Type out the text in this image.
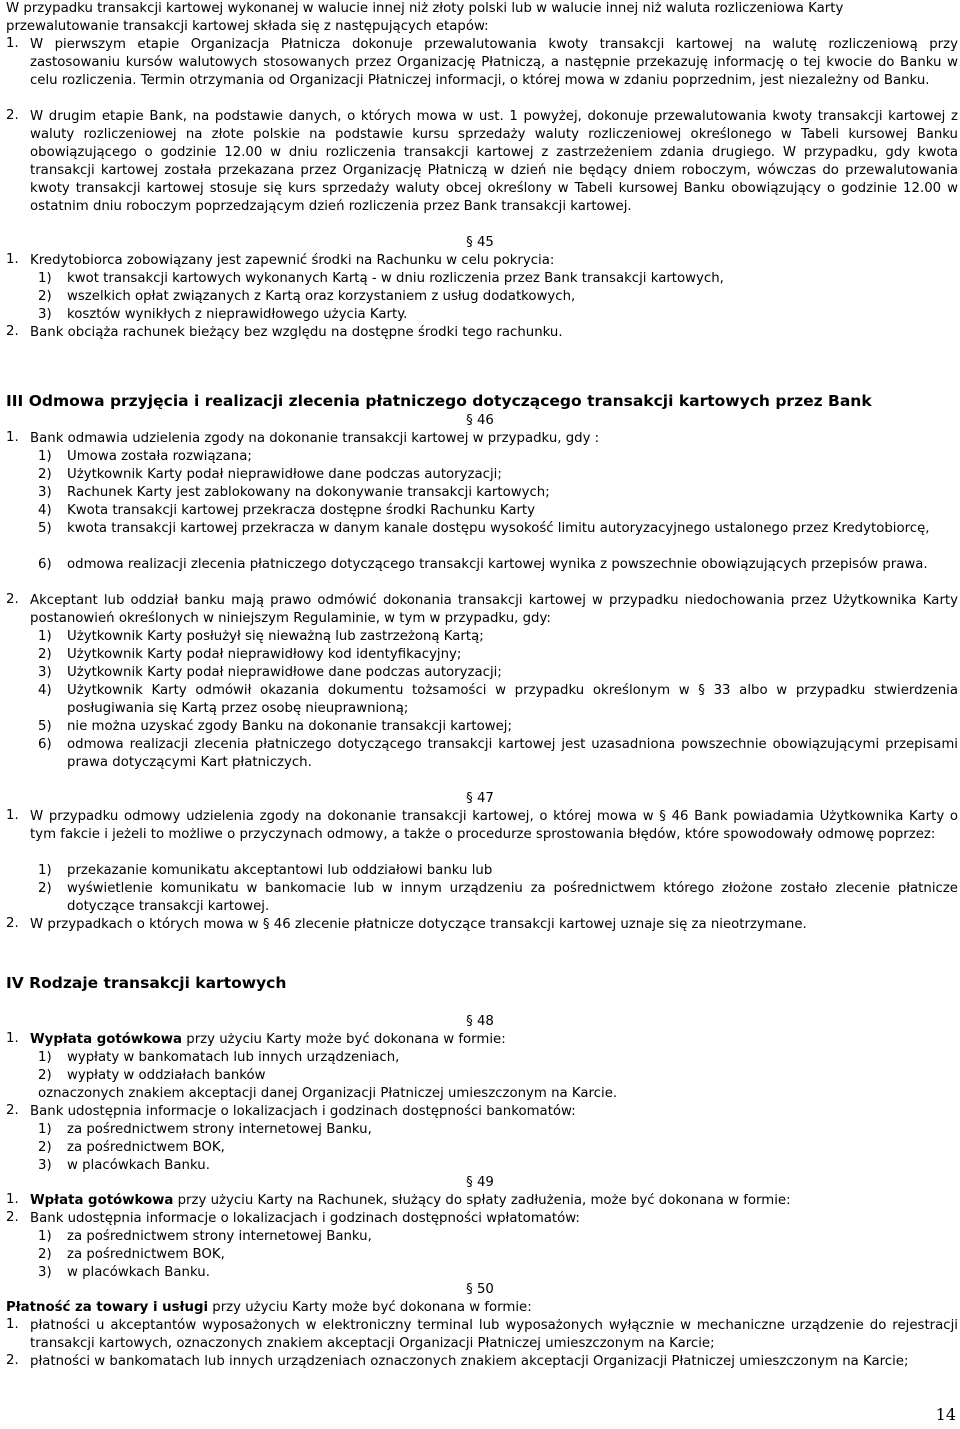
W przypadku transakcji kartowej wykonanej w walucie innej niż złoty polski lub w walucie innej niż waluta rozliczeniowa Karty
przewalutowanie transakcji kartowej składa się z następujących etapów:
1. W pierwszym etapie Organizacja Płatnicza dokonuje przewalutowania kwoty transakcji kartowej na walutę rozliczeniową przy zastosowaniu kursów walutowych stosowanych przez Organizację Płatniczą, a następnie przekazuję informację o tej kwocie do Banku w celu rozliczenia. Termin otrzymania od Organizacji Płatniczej informacji, o której mowa w zdaniu poprzednim, jest niezależny od Banku.
2. W drugim etapie Bank, na podstawie danych, o których mowa w ust. 1 powyżej, dokonuje przewalutowania kwoty transakcji kartowej z waluty rozliczeniowej na złote polskie na podstawie kursu sprzedaży waluty rozliczeniowej określonego w Tabeli kursowej Banku obowiązującego o godzinie 12.00 w dniu rozliczenia transakcji kartowej z zastrzeżeniem zdania drugiego. W przypadku, gdy kwota transakcji kartowej została przekazana przez Organizację Płatniczą w dzień nie będący dniem roboczym, wówczas do przewalutowania kwoty transakcji kartowej stosuje się kurs sprzedaży waluty obcej określony w Tabeli kursowej Banku obowiązujący o godzinie 12.00 w ostatnim dniu roboczym poprzedzającym dzień rozliczenia przez Bank transakcji kartowej.
§ 45
1. Kredytobiorca zobowiązany jest zapewnić środki na Rachunku w celu pokrycia:
1) kwot transakcji kartowych wykonanych Kartą - w dniu rozliczenia przez Bank transakcji kartowych,
2) wszelkich opłat związanych z Kartą oraz korzystaniem z usług dodatkowych,
3) kosztów wynikłych z nieprawidłowego użycia Karty.
2. Bank obciąża rachunek bieżący bez względu na dostępne środki tego rachunku.
III Odmowa przyjęcia i realizacji zlecenia płatniczego dotyczącego transakcji kartowych przez Bank
§ 46
1. Bank odmawia udzielenia zgody na dokonanie transakcji kartowej w przypadku, gdy :
1) Umowa została rozwiązana;
2) Użytkownik Karty podał nieprawidłowe dane podczas autoryzacji;
3) Rachunek Karty jest zablokowany na dokonywanie transakcji kartowych;
4) Kwota transakcji kartowej przekracza dostępne środki Rachunku Karty
5) kwota transakcji kartowej przekracza w danym kanale dostępu wysokość limitu autoryzacyjnego ustalonego przez Kredytobiorcę,
6) odmowa realizacji zlecenia płatniczego dotyczącego transakcji kartowej wynika z powszechnie obowiązujących przepisów prawa.
2. Akceptant lub oddział banku mają prawo odmówić dokonania transakcji kartowej w przypadku niedochowania przez Użytkownika Karty postanowień określonych w niniejszym Regulaminie, w tym w przypadku, gdy:
1) Użytkownik Karty posłużył się nieważną lub zastrzeżoną Kartą;
2) Użytkownik Karty podał nieprawidłowy kod identyfikacyjny;
3) Użytkownik Karty podał nieprawidłowe dane podczas autoryzacji;
4) Użytkownik Karty odmówił okazania dokumentu tożsamości w przypadku określonym w § 33 albo w przypadku stwierdzenia posługiwania się Kartą przez osobę nieuprawnioną;
5) nie można uzyskać zgody Banku na dokonanie transakcji kartowej;
6) odmowa realizacji zlecenia płatniczego dotyczącego transakcji kartowej jest uzasadniona powszechnie obowiązującymi przepisami prawa dotyczącymi Kart płatniczych.
§ 47
1. W przypadku odmowy udzielenia zgody na dokonanie transakcji kartowej, o której mowa w § 46 Bank powiadamia Użytkownika Karty o tym fakcie i jeżeli to możliwe o przyczynach odmowy, a także o procedurze sprostowania błędów, które spowodowały odmowę poprzez:
1) przekazanie komunikatu akceptantowi lub oddziałowi banku lub
2) wyświetlenie komunikatu w bankomacie lub w innym urządzeniu za pośrednictwem którego złożone zostało zlecenie płatnicze dotyczące transakcji kartowej.
2. W przypadkach o których mowa w § 46 zlecenie płatnicze dotyczące transakcji kartowej uznaje się za nieotrzymane.
IV Rodzaje transakcji kartowych
§ 48
1. Wypłata gotówkowa przy użyciu Karty może być dokonana w formie:
1) wypłaty w bankomatach lub innych urządzeniach,
2) wypłaty w oddziałach banków
oznaczonych znakiem akceptacji danej Organizacji Płatniczej umieszczonym na Karcie.
2. Bank udostępnia informacje o lokalizacjach i godzinach dostępności bankomatów:
1) za pośrednictwem strony internetowej Banku,
2) za pośrednictwem BOK,
3) w placówkach Banku.
§ 49
1. Wpłata gotówkowa przy użyciu Karty na Rachunek, służący do spłaty zadłużenia, może być dokonana w formie:
2. Bank udostępnia informacje o lokalizacjach i godzinach dostępności wpłatomatów:
1) za pośrednictwem strony internetowej Banku,
2) za pośrednictwem BOK,
3) w placówkach Banku.
§ 50
Płatność za towary i usługi przy użyciu Karty może być dokonana w formie:
1. płatności u akceptantów wyposażonych w elektroniczny terminal lub wyposażonych wyłącznie w mechaniczne urządzenie do rejestracji transakcji kartowych, oznaczonych znakiem akceptacji Organizacji Płatniczej umieszczonym na Karcie;
2. płatności w bankomatach lub innych urządzeniach oznaczonych znakiem akceptacji Organizacji Płatniczej umieszczonym na Karcie;
14
